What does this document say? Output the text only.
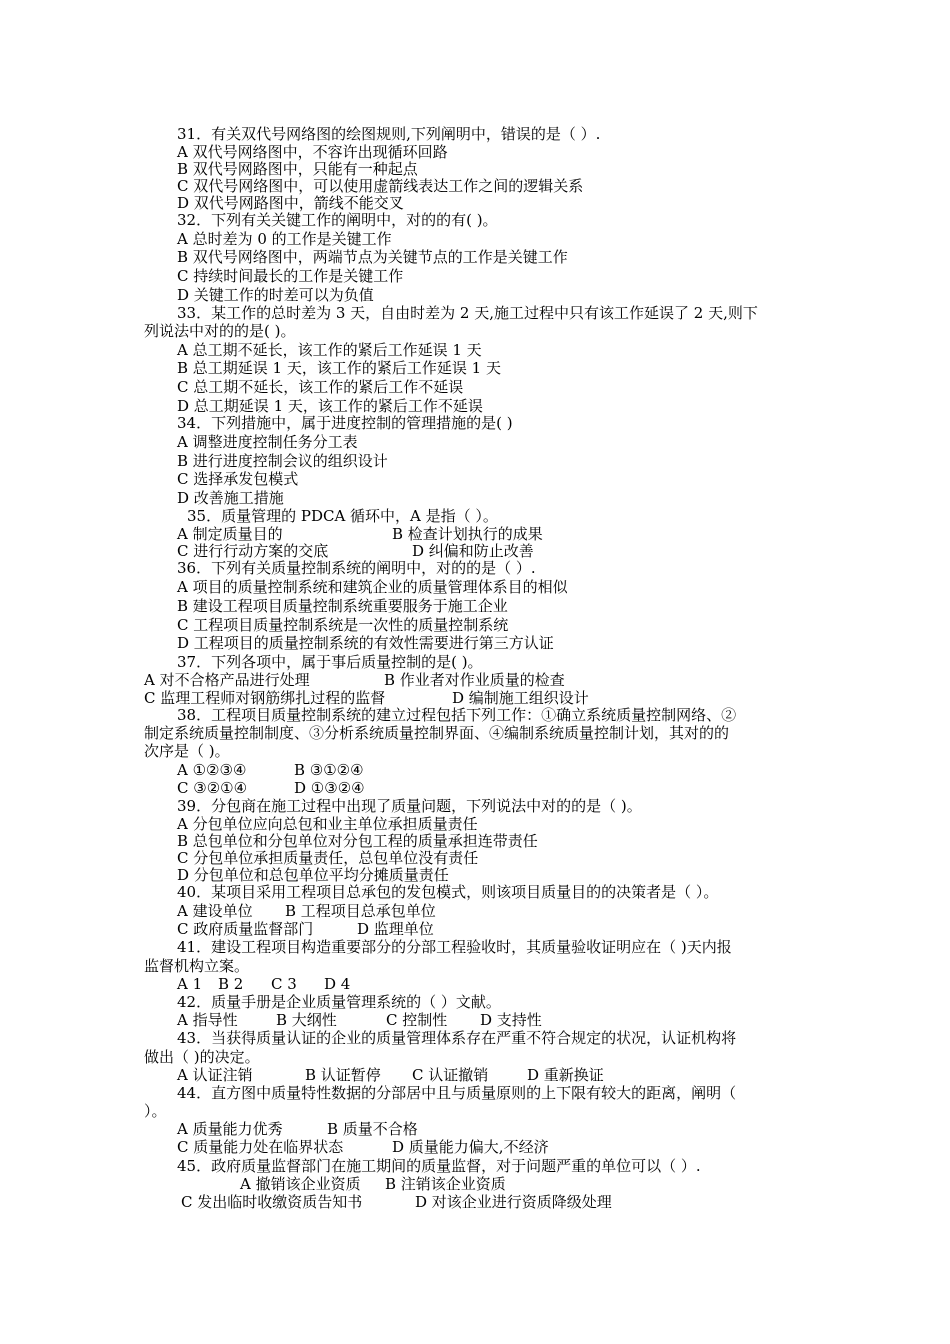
31．有关双代号网络图的绘图规则,下列阐明中，错误的是（ ）.
A 双代号网络图中，不容许出现循环回路
B 双代号网路图中，只能有一种起点
C 双代号网络图中，可以使用虚箭线表达工作之间的逻辑关系
D 双代号网路图中，箭线不能交叉
32．下列有关关键工作的阐明中，对的的有( )。
A 总时差为 0 的工作是关键工作
B 双代号网络图中，两端节点为关键节点的工作是关键工作
C 持续时间最长的工作是关键工作
D 关键工作的时差可以为负值
33．某工作的总时差为 3 天，自由时差为 2 天,施工过程中只有该工作延误了 2 天,则下
列说法中对的的是( )。
A 总工期不延长，该工作的紧后工作延误 1 天
B 总工期延误 1 天，该工作的紧后工作延误 1 天
C 总工期不延长，该工作的紧后工作不延误
D 总工期延误 1 天，该工作的紧后工作不延误
34．下列措施中，属于进度控制的管理措施的是( )
A 调整进度控制任务分工表
B 进行进度控制会议的组织设计
C 选择承发包模式
D 改善施工措施
35．质量管理的 PDCA 循环中，A 是指（ ）。
A 制定质量目的	B 检查计划执行的成果
C 进行行动方案的交底	D 纠偏和防止改善
36．下列有关质量控制系统的阐明中，对的的是（ ）.
A 项目的质量控制系统和建筑企业的质量管理体系目的相似
B 建设工程项目质量控制系统重要服务于施工企业
C 工程项目质量控制系统是一次性的质量控制系统
D 工程项目的质量控制系统的有效性需要进行第三方认证
37．下列各项中，属于事后质量控制的是( )。
A 对不合格产品进行处理	B 作业者对作业质量的检查
C 监理工程师对钢筋绑扎过程的监督	D 编制施工组织设计
38．工程项目质量控制系统的建立过程包括下列工作：①确立系统质量控制网络、②
制定系统质量控制制度、③分析系统质量控制界面、④编制系统质量控制计划，其对的的
次序是（ )。
A ①②③④	B ③①②④
C ③②①④	D ①③②④
39．分包商在施工过程中出现了质量问题，下列说法中对的的是（ )。
A 分包单位应向总包和业主单位承担质量责任
B 总包单位和分包单位对分包工程的质量承担连带责任
C 分包单位承担质量责任，总包单位没有责任
D 分包单位和总包单位平均分摊质量责任
40．某项目采用工程项目总承包的发包模式，则该项目质量目的的决策者是（ ）。
A 建设单位 B 工程项目总承包单位
C 政府质量监督部门	D 监理单位
41．建设工程项目构造重要部分的分部工程验收时，其质量验收证明应在（ )天内报
监督机构立案。
A 1 B 2 C 3 D 4
42．质量手册是企业质量管理系统的（ ）文献。
A 指导性	B 大纲性	C 控制性 D 支持性
43．当获得质量认证的企业的质量管理体系存在严重不符合规定的状况，认证机构将
做出（ )的决定。
A 认证注销	B 认证暂停 C 认证撤销	D 重新换证
44．直方图中质量特性数据的分部居中且与质量原则的上下限有较大的距离，阐明（
）。
A 质量能力优秀	B 质量不合格
C 质量能力处在临界状态	D 质量能力偏大,不经济
45．政府质量监督部门在施工期间的质量监督，对于问题严重的单位可以（ ）.
A 撤销该企业资质 B 注销该企业资质
C 发出临时收缴资质告知书	D 对该企业进行资质降级处理
